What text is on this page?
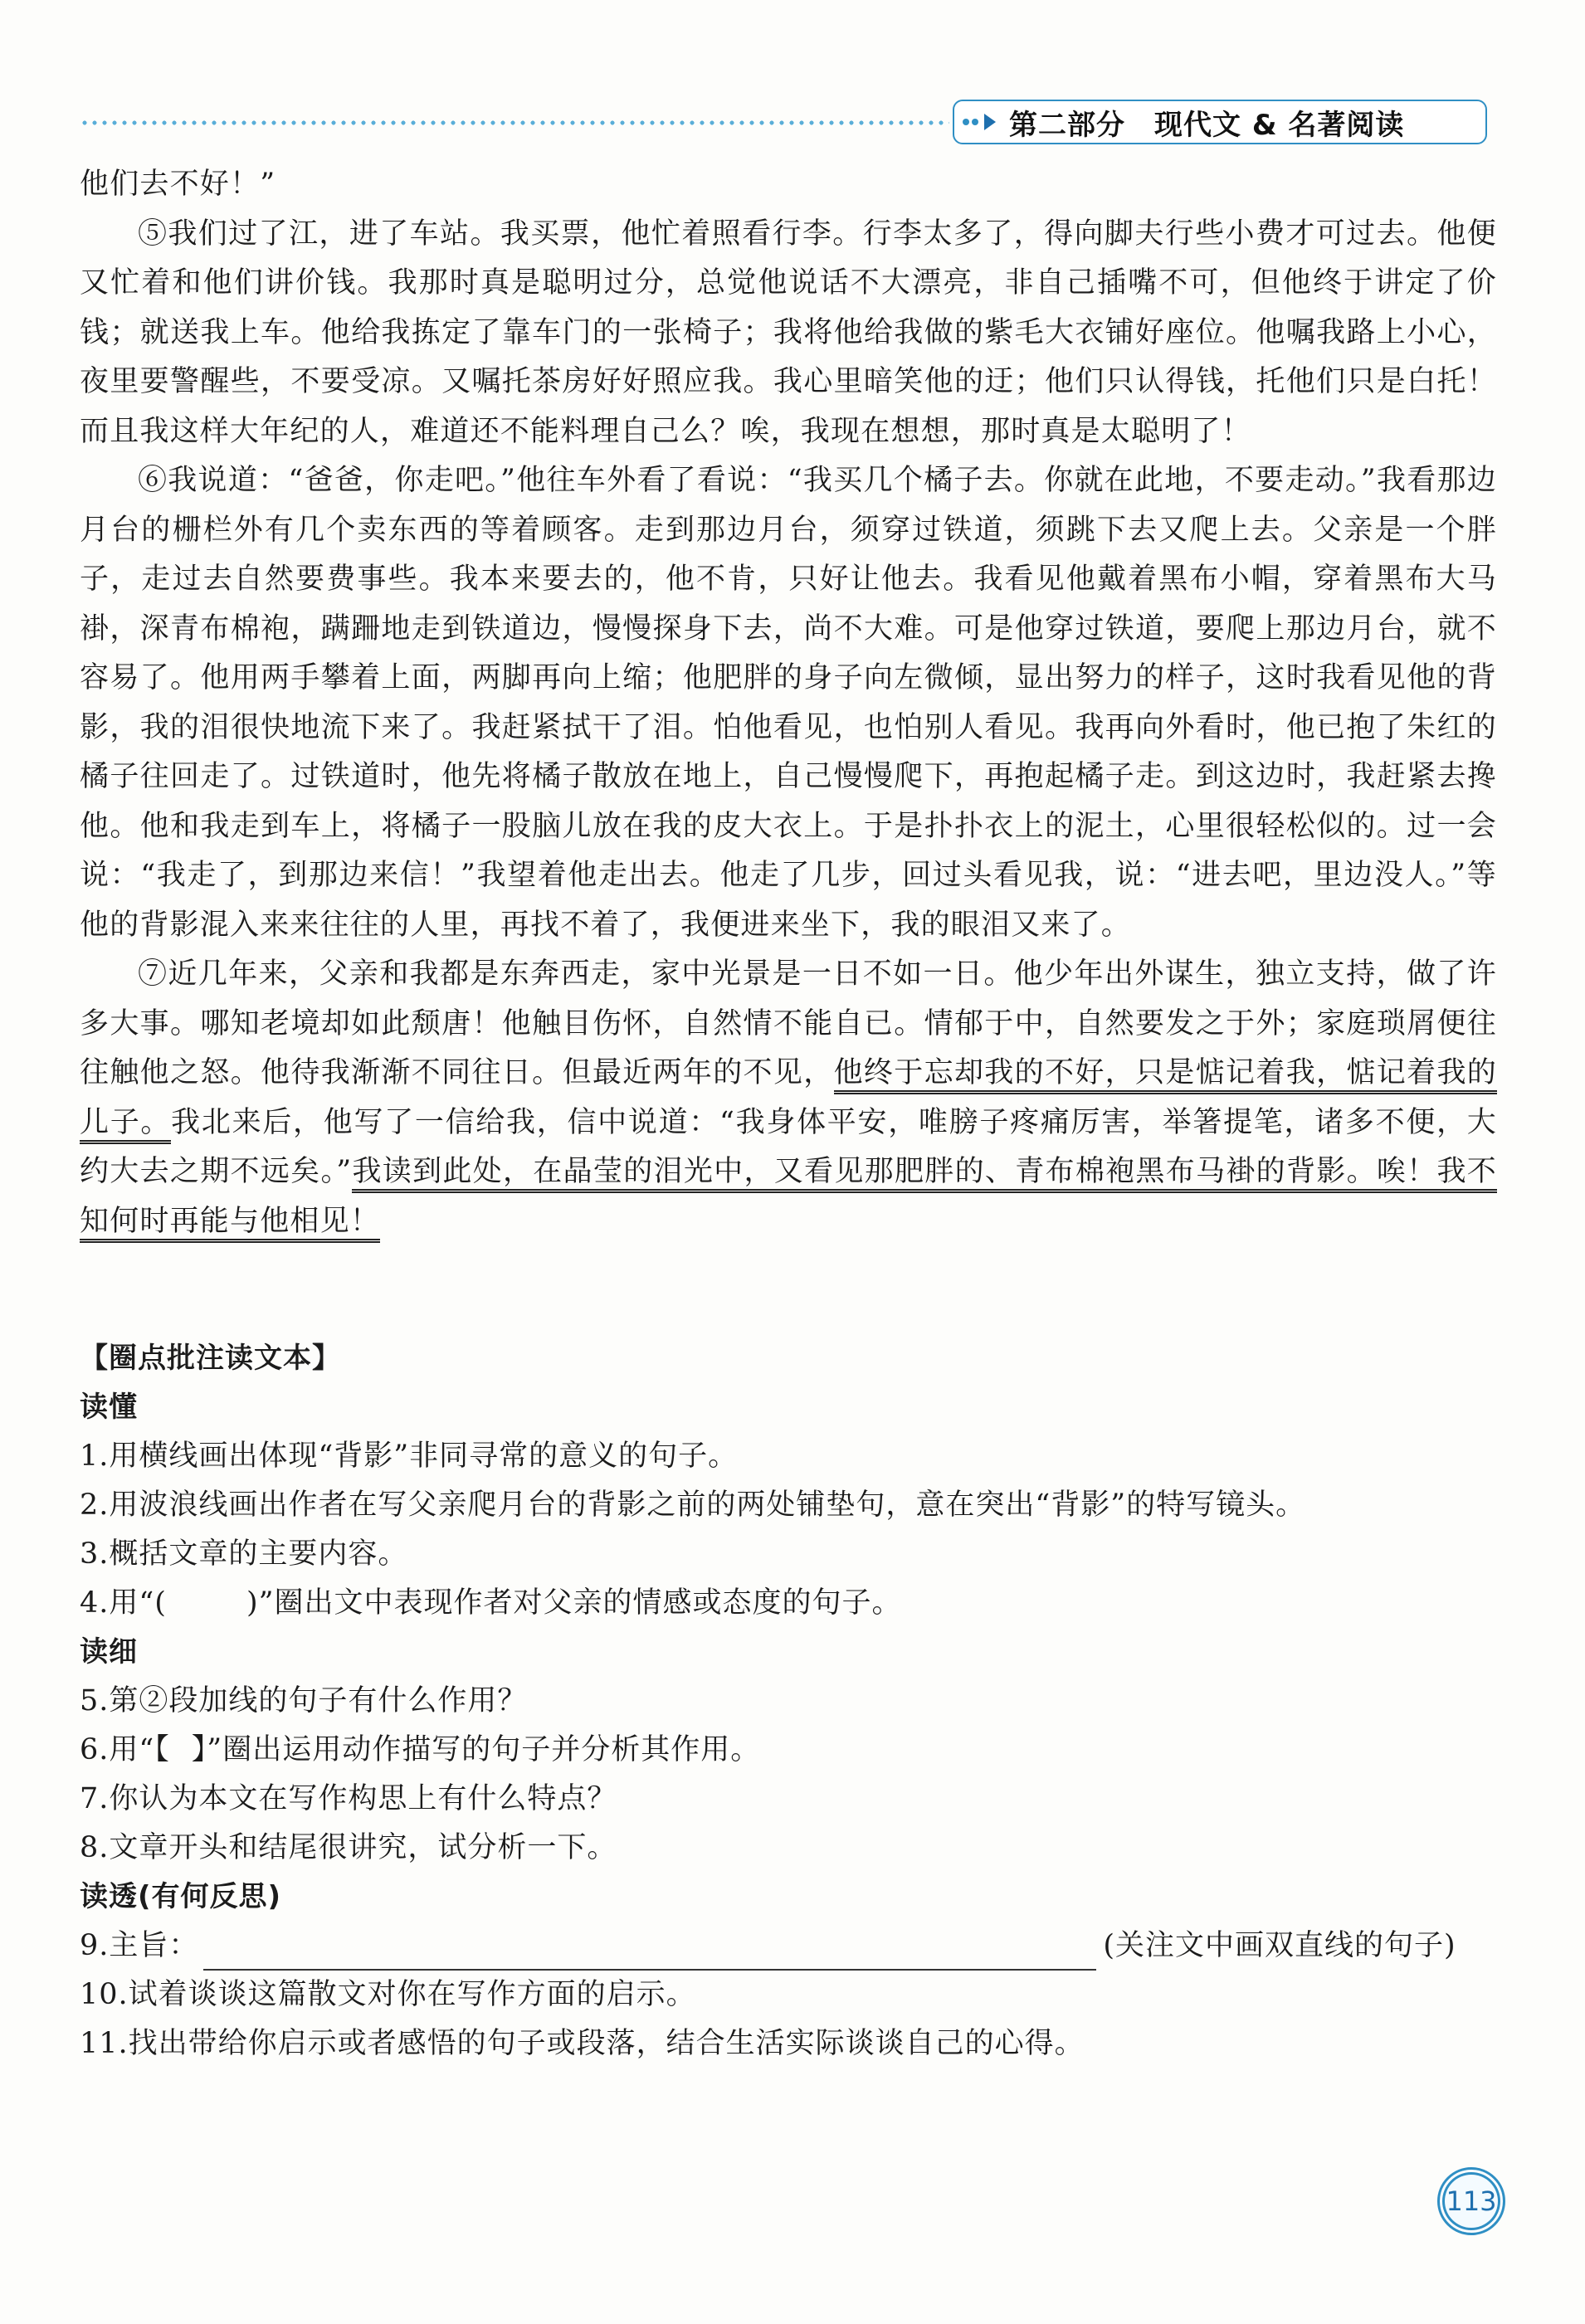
第二部分　现代文 & 名著阅读

他们去不好！”

⑤我们过了江，进了车站。我买票，他忙着照看行李。行李太多了，得向脚夫行些小费才可过去。他便又忙着和他们讲价钱。我那时真是聪明过分，总觉他说话不大漂亮，非自己插嘴不可，但他终于讲定了价钱；就送我上车。他给我拣定了靠车门的一张椅子；我将他给我做的紫毛大衣铺好座位。他嘱我路上小心，夜里要警醒些，不要受凉。又嘱托茶房好好照应我。我心里暗笑他的迂；他们只认得钱，托他们只是白托！而且我这样大年纪的人，难道还不能料理自己么？唉，我现在想想，那时真是太聪明了！

⑥我说道：“爸爸，你走吧。”他往车外看了看说：“我买几个橘子去。你就在此地，不要走动。”我看那边月台的栅栏外有几个卖东西的等着顾客。走到那边月台，须穿过铁道，须跳下去又爬上去。父亲是一个胖子，走过去自然要费事些。我本来要去的，他不肯，只好让他去。我看见他戴着黑布小帽，穿着黑布大马褂，深青布棉袍，蹒跚地走到铁道边，慢慢探身下去，尚不大难。可是他穿过铁道，要爬上那边月台，就不容易了。他用两手攀着上面，两脚再向上缩；他肥胖的身子向左微倾，显出努力的样子，这时我看见他的背影，我的泪很快地流下来了。我赶紧拭干了泪。怕他看见，也怕别人看见。我再向外看时，他已抱了朱红的橘子往回走了。过铁道时，他先将橘子散放在地上，自己慢慢爬下，再抱起橘子走。到这边时，我赶紧去搀他。他和我走到车上，将橘子一股脑儿放在我的皮大衣上。于是扑扑衣上的泥土，心里很轻松似的。过一会说：“我走了，到那边来信！”我望着他走出去。他走了几步，回过头看见我，说：“进去吧，里边没人。”等他的背影混入来来往往的人里，再找不着了，我便进来坐下，我的眼泪又来了。

⑦近几年来，父亲和我都是东奔西走，家中光景是一日不如一日。他少年出外谋生，独立支持，做了许多大事。哪知老境却如此颓唐！他触目伤怀，自然情不能自已。情郁于中，自然要发之于外；家庭琐屑便往往触他之怒。他待我渐渐不同往日。但最近两年的不见，他终于忘却我的不好，只是惦记着我，惦记着我的儿子。我北来后，他写了一信给我，信中说道：“我身体平安，唯膀子疼痛厉害，举箸提笔，诸多不便，大约大去之期不远矣。”我读到此处，在晶莹的泪光中，又看见那肥胖的、青布棉袍黑布马褂的背影。唉！我不知何时再能与他相见！

【圈点批注读文本】
读懂
1.用横线画出体现“背影”非同寻常的意义的句子。
2.用波浪线画出作者在写父亲爬月台的背影之前的两处铺垫句，意在突出“背影”的特写镜头。
3.概括文章的主要内容。
4.用“(	)”圈出文中表现作者对父亲的情感或态度的句子。
读细
5.第②段加线的句子有什么作用？
6.用“【 】”圈出运用动作描写的句子并分析其作用。
7.你认为本文在写作构思上有什么特点？
8.文章开头和结尾很讲究，试分析一下。
读透(有何反思)
9.主旨：	(关注文中画双直线的句子)
10.试着谈谈这篇散文对你在写作方面的启示。
11.找出带给你启示或者感悟的句子或段落，结合生活实际谈谈自己的心得。
113
